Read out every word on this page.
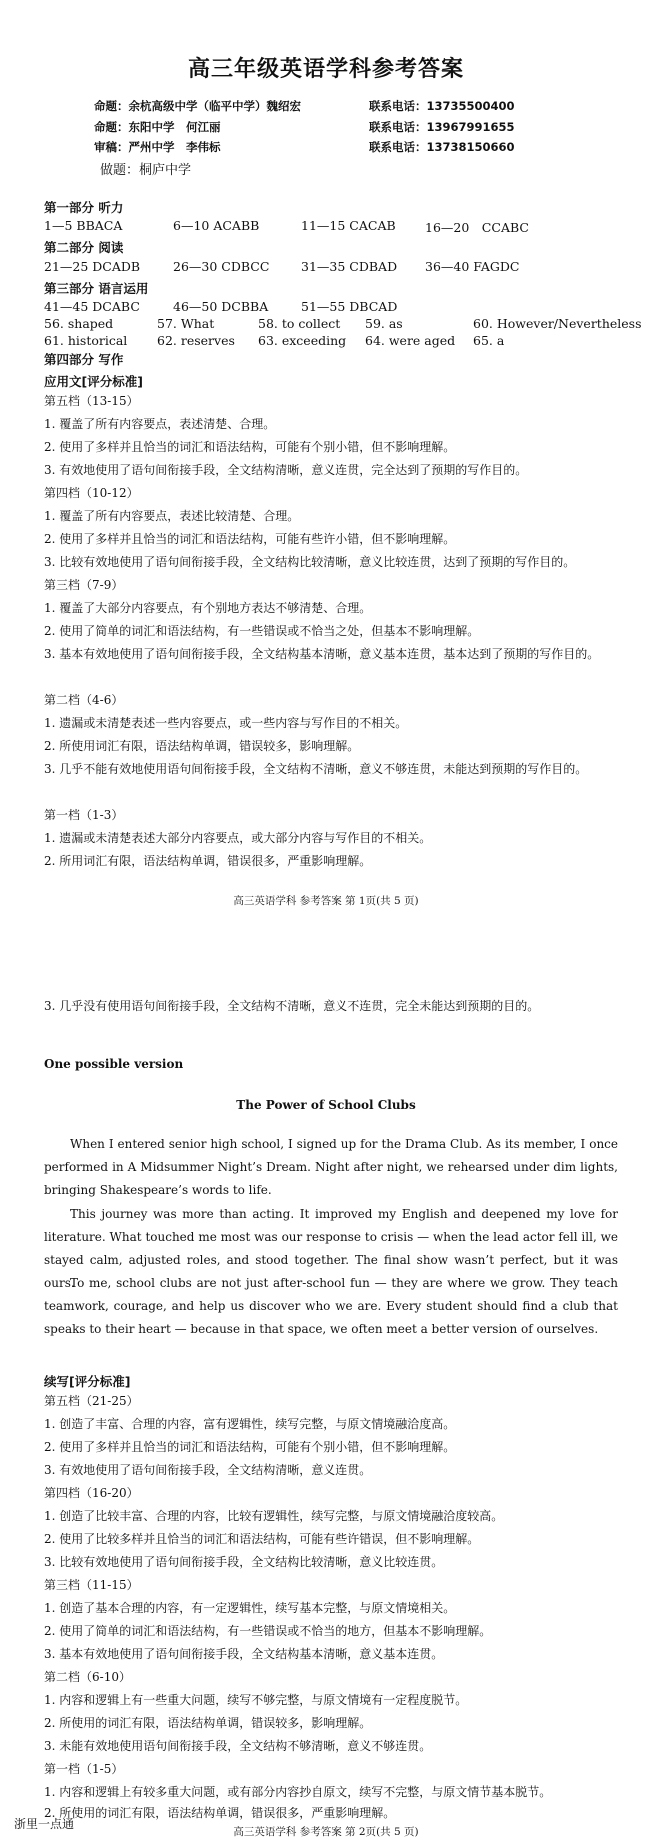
高三年级英语学科参考答案
命题：余杭高级中学（临平中学）魏绍宏	联系电话：13735500400
命题：东阳中学　何江丽	联系电话：13967991655
审稿：严州中学　李伟标	联系电话：13738150660
做题：桐庐中学
第一部分 听力
1—5 BBACA	6—10 ACABB	11—15 CACAB 16—20　CCABC
第二部分 阅读
21—25 DCADB	26—30 CDBCC	31—35 CDBAD 36—40 FAGDC
第三部分 语言运用
41—45 DCABC	46—50 DCBBA	51—55 DBCAD
56. shaped	57. What	58. to collect 59. as	60. However/Nevertheless
61. historical 62. reserves 63. exceeding 64. were aged 65. a
第四部分 写作
应用文[评分标准]
第五档（13-15）
1. 覆盖了所有内容要点，表述清楚、合理。
2. 使用了多样并且恰当的词汇和语法结构，可能有个别小错，但不影响理解。
3. 有效地使用了语句间衔接手段，全文结构清晰，意义连贯，完全达到了预期的写作目的。
第四档（10-12）
1. 覆盖了所有内容要点，表述比较清楚、合理。
2. 使用了多样并且恰当的词汇和语法结构，可能有些许小错，但不影响理解。
3. 比较有效地使用了语句间衔接手段，全文结构比较清晰，意义比较连贯，达到了预期的写作目的。
第三档（7-9）
1. 覆盖了大部分内容要点，有个别地方表达不够清楚、合理。
2. 使用了简单的词汇和语法结构，有一些错误或不恰当之处，但基本不影响理解。
3. 基本有效地使用了语句间衔接手段，全文结构基本清晰，意义基本连贯，基本达到了预期的写作目的。
第二档（4-6）
1. 遗漏或未清楚表述一些内容要点，或一些内容与写作目的不相关。
2. 所使用词汇有限，语法结构单调，错误较多，影响理解。
3. 几乎不能有效地使用语句间衔接手段，全文结构不清晰，意义不够连贯，未能达到预期的写作目的。
第一档（1-3）
1. 遗漏或未清楚表述大部分内容要点，或大部分内容与写作目的不相关。
2. 所用词汇有限，语法结构单调，错误很多，严重影响理解。
高三英语学科 参考答案 第 1页(共 5 页)
3. 几乎没有使用语句间衔接手段，全文结构不清晰，意义不连贯，完全未能达到预期的目的。
One possible version
The Power of School Clubs
When I entered senior high school, I signed up for the Drama Club. As its member, I once performed in A Midsummer Night’s Dream. Night after night, we rehearsed under dim lights, bringing Shakespeare’s words to life.
This journey was more than acting. It improved my English and deepened my love for literature. What touched me most was our response to crisis — when the lead actor fell ill, we stayed calm, adjusted roles, and stood together. The final show wasn’t perfect, but it was ours.
To me, school clubs are not just after-school fun — they are where we grow. They teach teamwork, courage, and help us discover who we are. Every student should find a club that speaks to their heart — because in that space, we often meet a better version of ourselves.
续写[评分标准]
第五档（21-25）
1. 创造了丰富、合理的内容，富有逻辑性，续写完整，与原文情境融洽度高。
2. 使用了多样并且恰当的词汇和语法结构，可能有个别小错，但不影响理解。
3. 有效地使用了语句间衔接手段，全文结构清晰，意义连贯。
第四档（16-20）
1. 创造了比较丰富、合理的内容，比较有逻辑性，续写完整，与原文情境融洽度较高。
2. 使用了比较多样并且恰当的词汇和语法结构，可能有些许错误，但不影响理解。
3. 比较有效地使用了语句间衔接手段，全文结构比较清晰，意义比较连贯。
第三档（11-15）
1. 创造了基本合理的内容，有一定逻辑性，续写基本完整，与原文情境相关。
2. 使用了简单的词汇和语法结构，有一些错误或不恰当的地方，但基本不影响理解。
3. 基本有效地使用了语句间衔接手段，全文结构基本清晰，意义基本连贯。
第二档（6-10）
1. 内容和逻辑上有一些重大问题，续写不够完整，与原文情境有一定程度脱节。
2. 所使用的词汇有限，语法结构单调，错误较多，影响理解。
3. 未能有效地使用语句间衔接手段，全文结构不够清晰，意义不够连贯。
第一档（1-5）
1. 内容和逻辑上有较多重大问题，或有部分内容抄自原文，续写不完整，与原文情节基本脱节。
2. 所使用的词汇有限，语法结构单调，错误很多，严重影响理解。
高三英语学科 参考答案 第 2页(共 5 页)
浙里一点通
